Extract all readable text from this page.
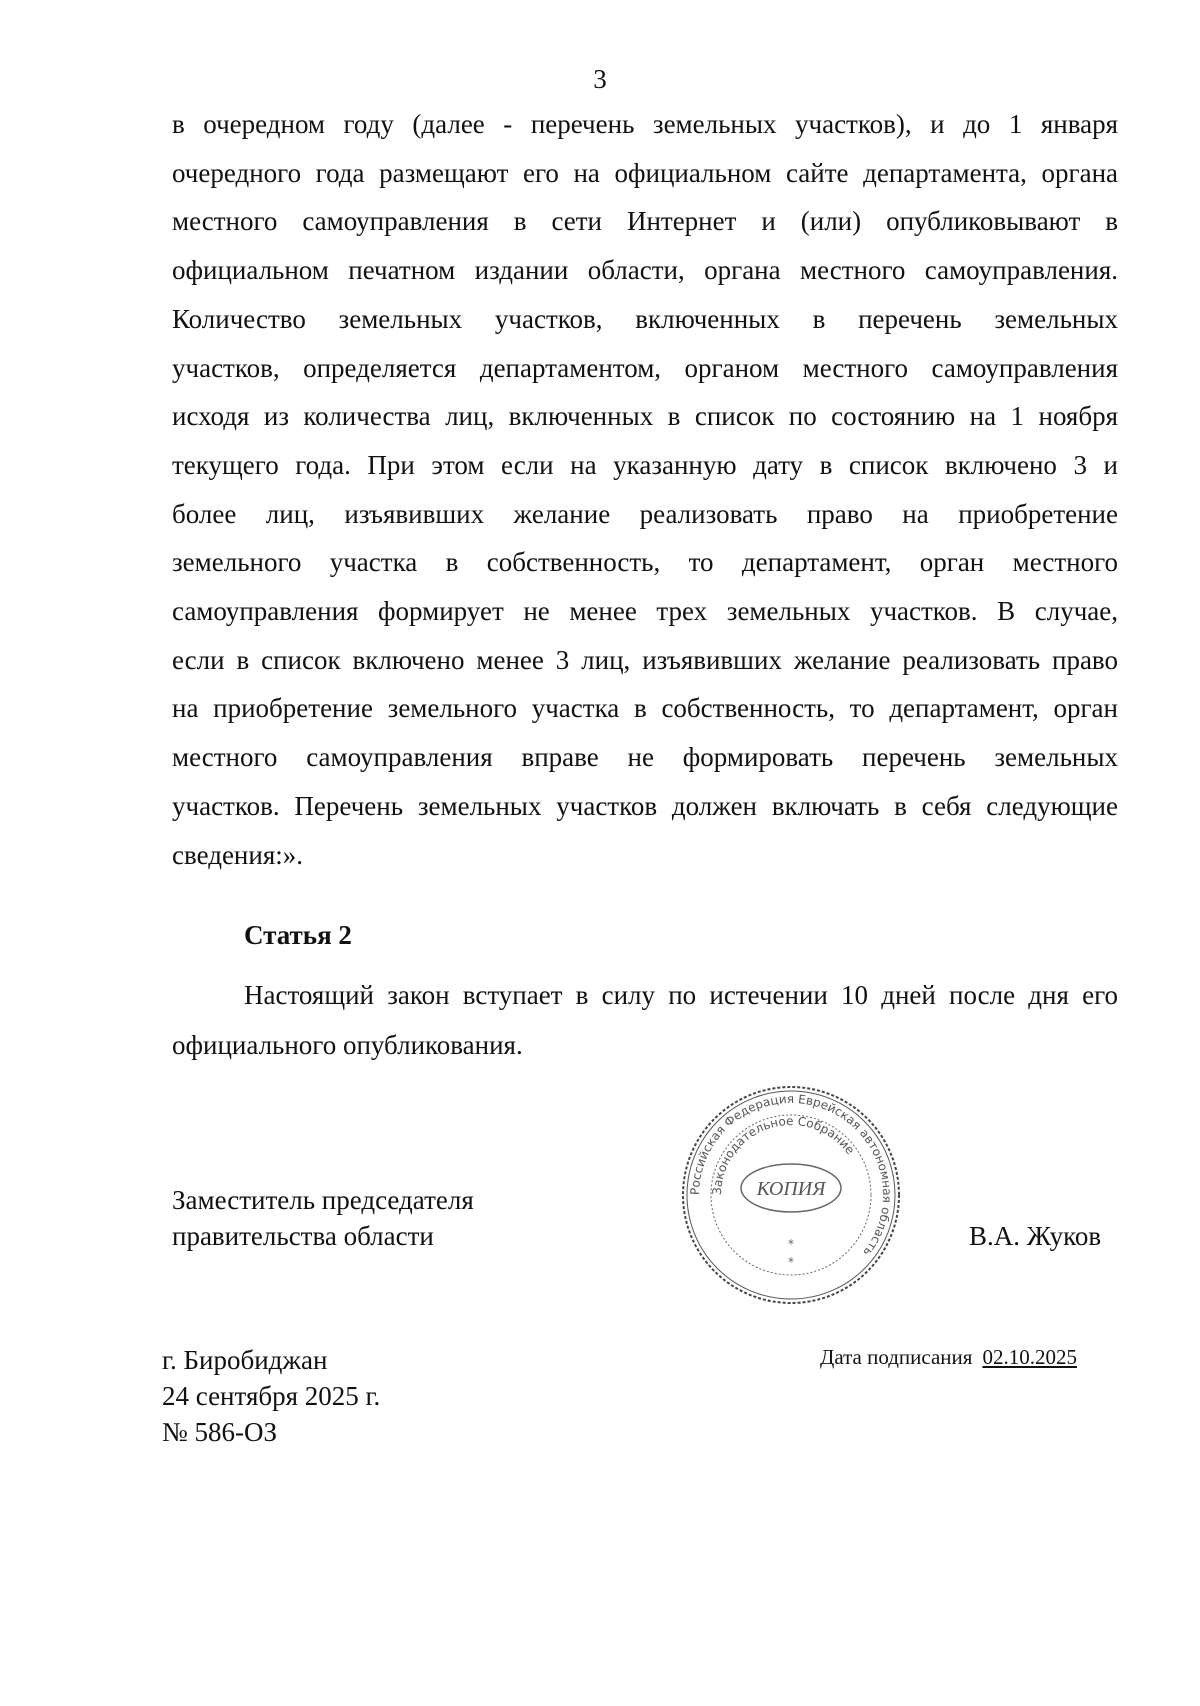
3
в очередном году (далее - перечень земельных участков), и до 1 января
очередного года размещают его на официальном сайте департамента, органа
местного самоуправления в сети Интернет и (или) опубликовывают в
официальном печатном издании области, органа местного самоуправления.
Количество земельных участков, включенных в перечень земельных
участков, определяется департаментом, органом местного самоуправления
исходя из количества лиц, включенных в список по состоянию на 1 ноября
текущего года. При этом если на указанную дату в список включено 3 и
более лиц, изъявивших желание реализовать право на приобретение
земельного участка в собственность, то департамент, орган местного
самоуправления формирует не менее трех земельных участков. В случае,
если в список включено менее 3 лиц, изъявивших желание реализовать право
на приобретение земельного участка в собственность, то департамент, орган
местного самоуправления вправе не формировать перечень земельных
участков. Перечень земельных участков должен включать в себя следующие
сведения:».
Статья 2
Настоящий закон вступает в силу по истечении 10 дней после дня его
официального опубликования.
Заместитель председателя
правительства области
Российская Федерация Еврейская автономная область
Законодательное Собрание
КОПИЯ
*
*
В.А. Жуков
г. Биробиджан
24 сентября 2025 г.
№ 586-ОЗ
Дата подписания 02.10.2025
